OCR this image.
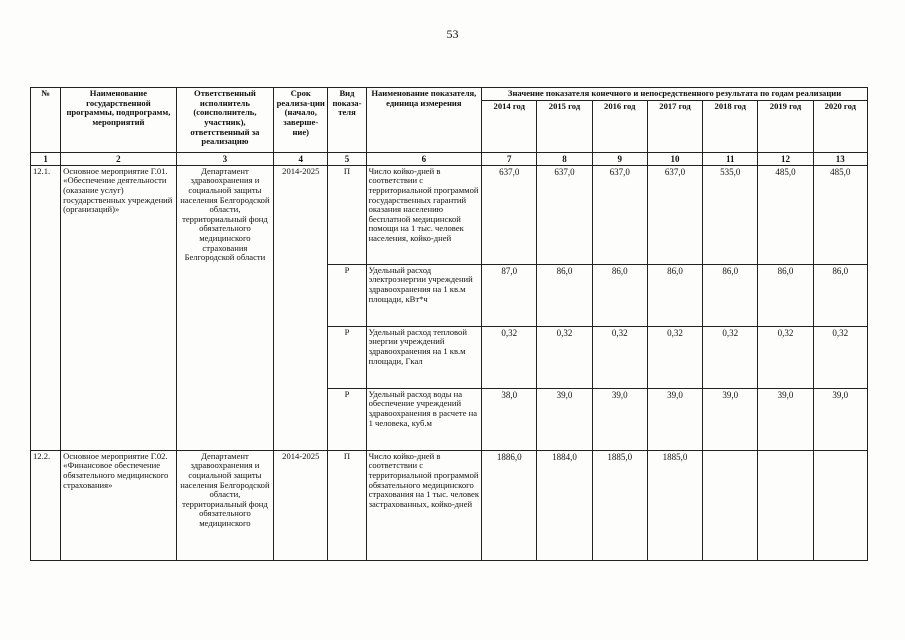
53
№	Наименование государственной программы, подпрограмм, мероприятий	Ответственный исполнитель (соисполнитель, участник), ответственный за реализацию	Срок реализа-ции (начало, заверше-ние)	Вид показа-теля	Наименование показателя, единица измерения	Значение показателя конечного и непосредственного результата по годам реализации						
						2014 год	2015 год	2016 год	2017 год	2018 год	2019 год	2020 год
1	2	3	4	5	6	7	8	9	10	11	12	13
12.1.	Основное мероприятие Г.01. «Обеспечение деятельности (оказание услуг) государственных учреждений (организаций)»	Департамент здравоохранения и социальной защиты населения Белгородской области, территориальный фонд обязательного медицинского страхования Белгородской области	2014-2025	П	Число койко-дней в соответствии с территориальной программой государственных гарантий оказания населению бесплатной медицинской помощи на 1 тыс. человек населения, койко-дней	637,0	637,0	637,0	637,0	535,0	485,0	485,0
				Р	Удельный расход электроэнергии учреждений здравоохранения на 1 кв.м площади, кВт*ч	87,0	86,0	86,0	86,0	86,0	86,0	86,0
				Р	Удельный расход тепловой энергии учреждений здравоохранения на 1 кв.м площади, Гкал	0,32	0,32	0,32	0,32	0,32	0,32	0,32
				Р	Удельный расход воды на обеспечение учреждений здравоохранения в расчете на 1 человека, куб.м	38,0	39,0	39,0	39,0	39,0	39,0	39,0
12.2.	Основное мероприятие Г.02. «Финансовое обеспечение обязательного медицинского страхования»	Департамент здравоохранения и социальной защиты населения Белгородской области, территориальный фонд обязательного медицинского	2014-2025	П	Число койко-дней в соответствии с территориальной программой обязательного медицинского страхования на 1 тыс. человек застрахованных, койко-дней	1886,0	1884,0	1885,0	1885,0			
